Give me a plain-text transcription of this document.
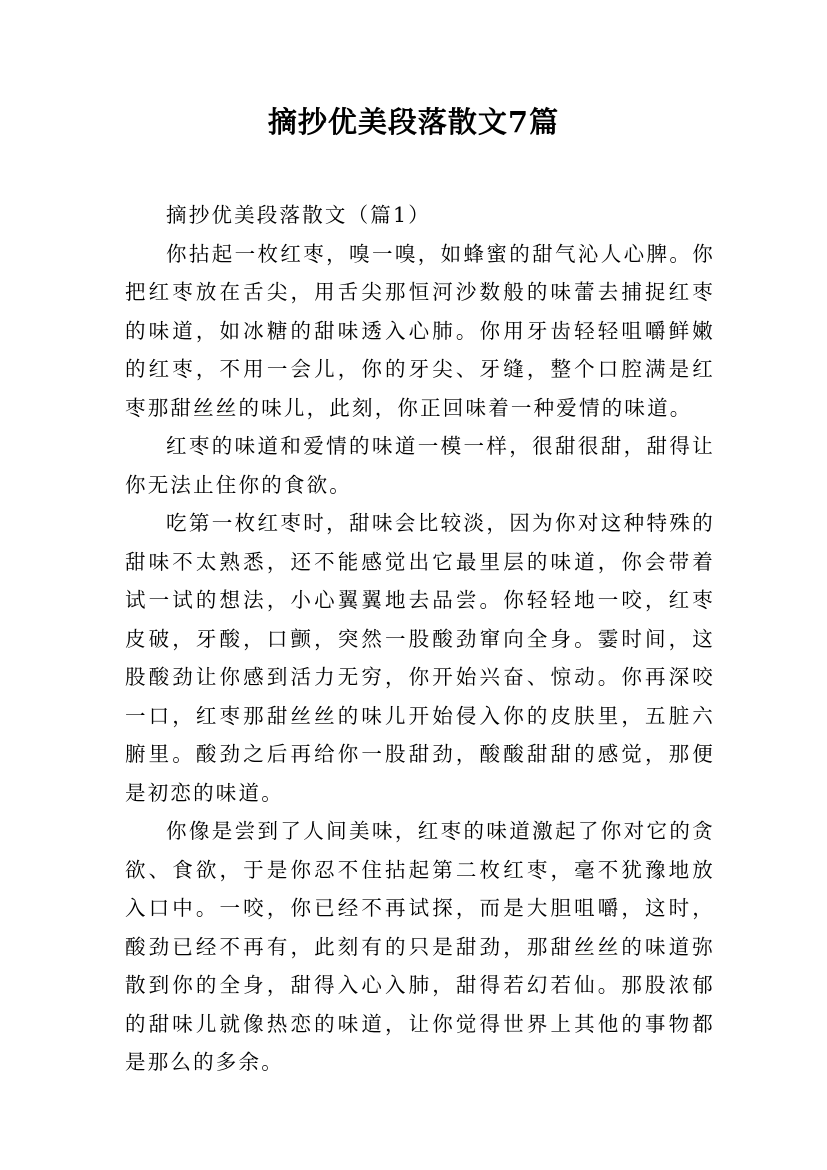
摘抄优美段落散文7篇

摘抄优美段落散文（篇1）

你拈起一枚红枣，嗅一嗅，如蜂蜜的甜气沁人心脾。你把红枣放在舌尖，用舌尖那恒河沙数般的味蕾去捕捉红枣的味道，如冰糖的甜味透入心肺。你用牙齿轻轻咀嚼鲜嫩的红枣，不用一会儿，你的牙尖、牙缝，整个口腔满是红枣那甜丝丝的味儿，此刻，你正回味着一种爱情的味道。

红枣的味道和爱情的味道一模一样，很甜很甜，甜得让你无法止住你的食欲。

吃第一枚红枣时，甜味会比较淡，因为你对这种特殊的甜味不太熟悉，还不能感觉出它最里层的味道，你会带着试一试的想法，小心翼翼地去品尝。你轻轻地一咬，红枣皮破，牙酸，口颤，突然一股酸劲窜向全身。霎时间，这股酸劲让你感到活力无穷，你开始兴奋、惊动。你再深咬一口，红枣那甜丝丝的味儿开始侵入你的皮肤里，五脏六腑里。酸劲之后再给你一股甜劲，酸酸甜甜的感觉，那便是初恋的味道。

你像是尝到了人间美味，红枣的味道激起了你对它的贪欲、食欲，于是你忍不住拈起第二枚红枣，毫不犹豫地放入口中。一咬，你已经不再试探，而是大胆咀嚼，这时，酸劲已经不再有，此刻有的只是甜劲，那甜丝丝的味道弥散到你的全身，甜得入心入肺，甜得若幻若仙。那股浓郁的甜味儿就像热恋的味道，让你觉得世界上其他的事物都是那么的多余。
